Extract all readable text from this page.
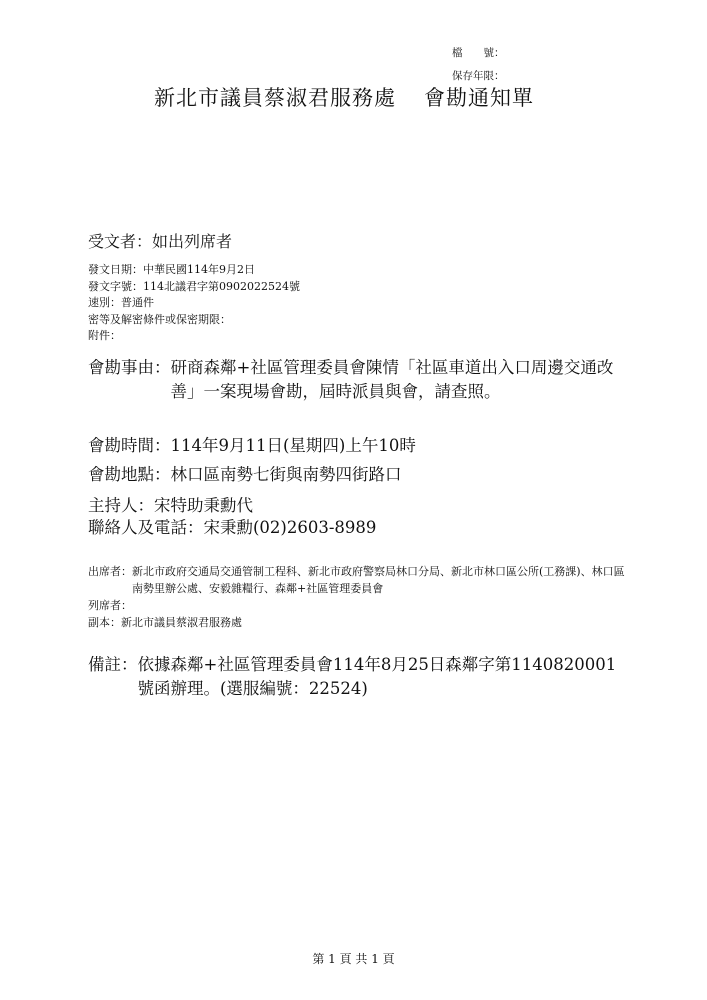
檔　　號：
保存年限：
新北市議員蔡淑君服務處 會勘通知單
受文者：如出列席者
發文日期：中華民國114年9月2日
發文字號：114北議君字第0902022524號
速別：普通件
密等及解密條件或保密期限：
附件：
會勘事由： 研商森鄰+社區管理委員會陳情「社區車道出入口周邊交通改善」一案現場會勘，屆時派員與會，請查照。
會勘時間：114年9月11日(星期四)上午10時
會勘地點：林口區南勢七街與南勢四街路口
主持人：宋特助秉勳代
聯絡人及電話：宋秉勳(02)2603-8989
出席者： 新北市政府交通局交通管制工程科、新北市政府警察局林口分局、新北市林口區公所(工務課)、林口區南勢里辦公處、安毅雜糧行、森鄰+社區管理委員會
列席者：
副本：新北市議員蔡淑君服務處
備註： 依據森鄰+社區管理委員會114年8月25日森鄰字第1140820001號函辦理。(選服編號：22524)
第 1 頁 共 1 頁
